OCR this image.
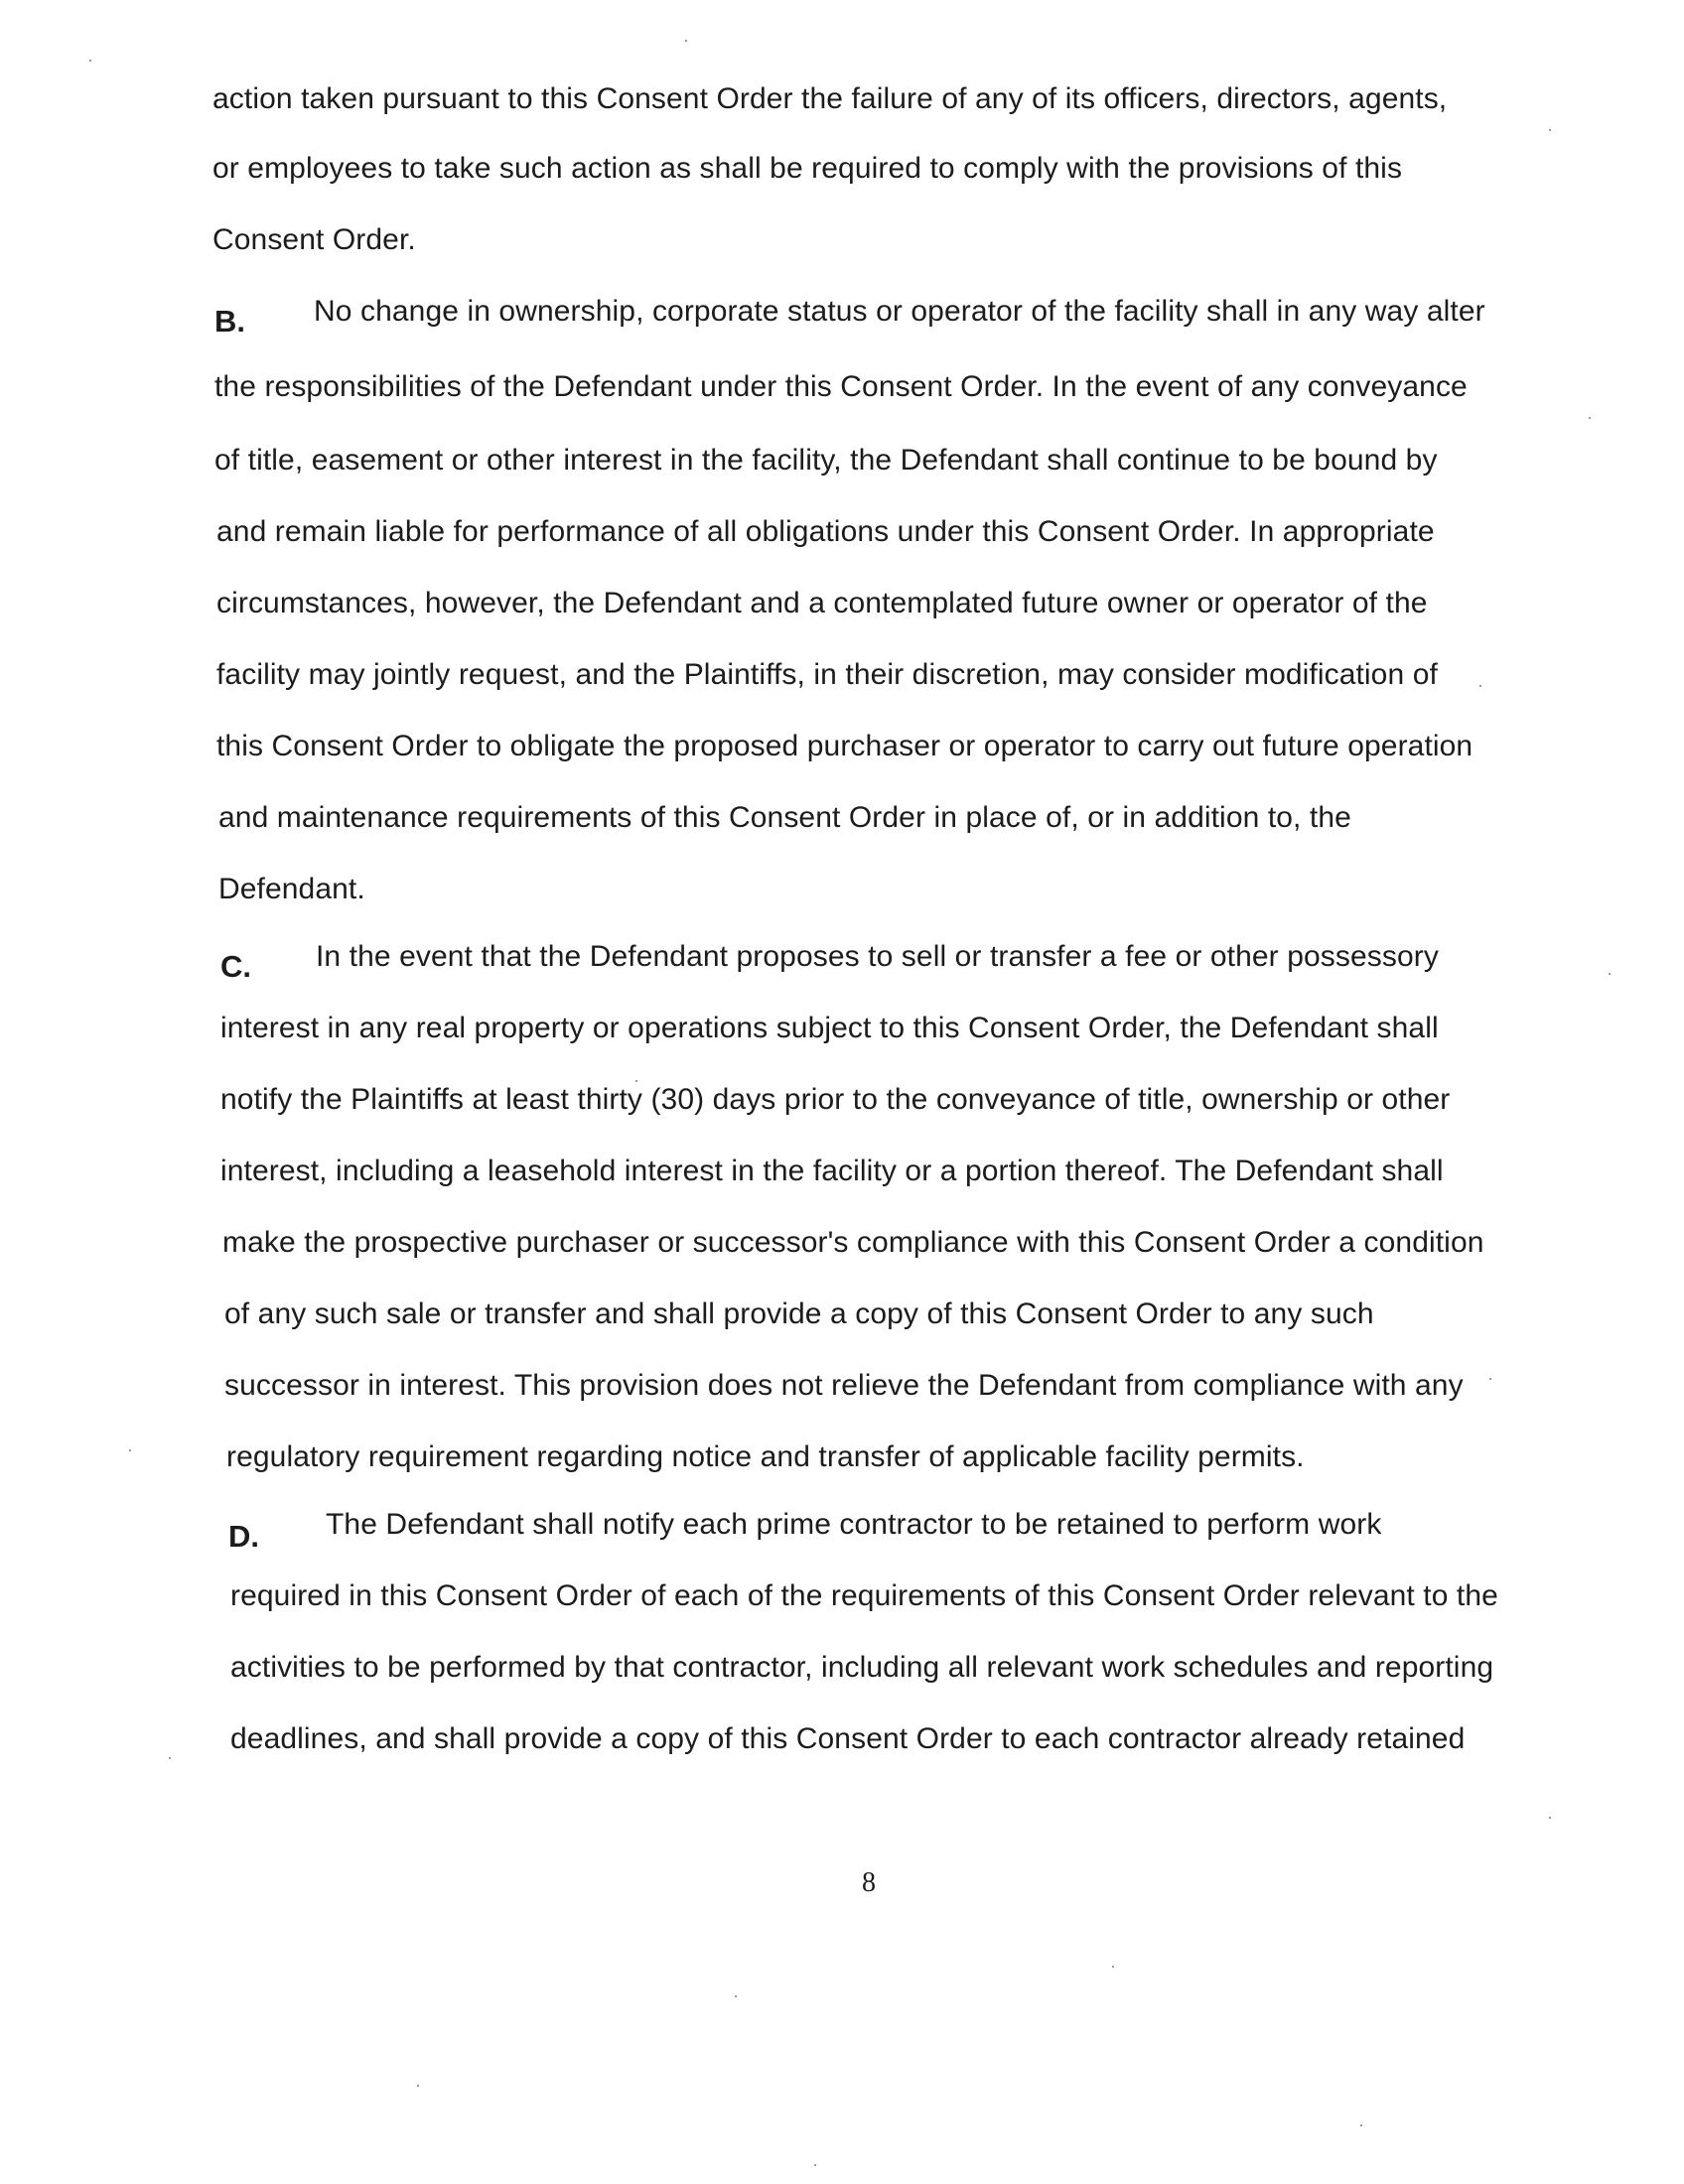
action taken pursuant to this Consent Order the failure of any of its officers, directors, agents,
or employees to take such action as shall be required to comply with the provisions of this
Consent Order.
B. No change in ownership, corporate status or operator of the facility shall in any way alter
the responsibilities of the Defendant under this Consent Order. In the event of any conveyance
of title, easement or other interest in the facility, the Defendant shall continue to be bound by
and remain liable for performance of all obligations under this Consent Order. In appropriate
circumstances, however, the Defendant and a contemplated future owner or operator of the
facility may jointly request, and the Plaintiffs, in their discretion, may consider modification of
this Consent Order to obligate the proposed purchaser or operator to carry out future operation
and maintenance requirements of this Consent Order in place of, or in addition to, the
Defendant.
C. In the event that the Defendant proposes to sell or transfer a fee or other possessory
interest in any real property or operations subject to this Consent Order, the Defendant shall
notify the Plaintiffs at least thirty (30) days prior to the conveyance of title, ownership or other
interest, including a leasehold interest in the facility or a portion thereof. The Defendant shall
make the prospective purchaser or successor's compliance with this Consent Order a condition
of any such sale or transfer and shall provide a copy of this Consent Order to any such
successor in interest. This provision does not relieve the Defendant from compliance with any
regulatory requirement regarding notice and transfer of applicable facility permits.
D. The Defendant shall notify each prime contractor to be retained to perform work
required in this Consent Order of each of the requirements of this Consent Order relevant to the
activities to be performed by that contractor, including all relevant work schedules and reporting
deadlines, and shall provide a copy of this Consent Order to each contractor already retained
8
